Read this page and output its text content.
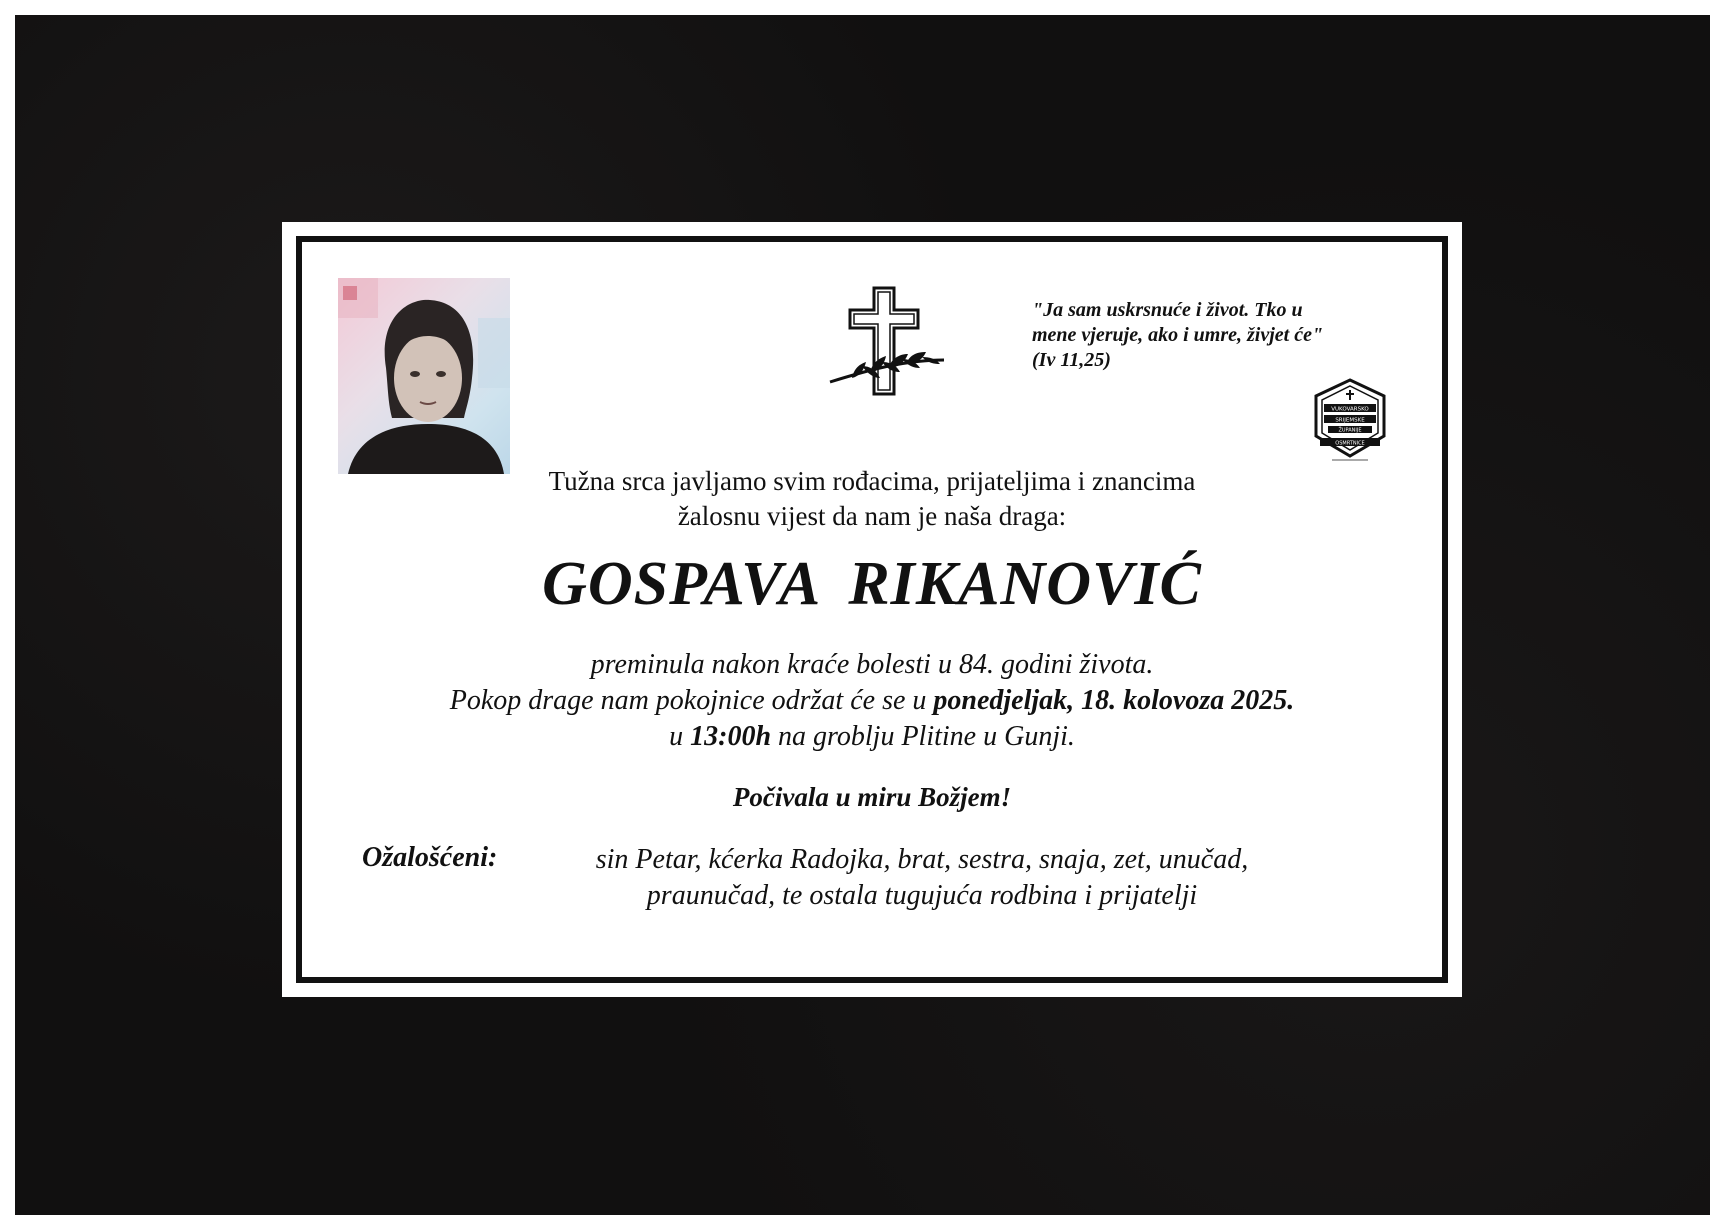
"Ja sam uskrsnuće i život. Tko u
mene vjeruje, ako i umre, živjet će"
(Iv 11,25)
VUKOVARSKO
SRIJEMSKE
ŽUPANIJE
OSMRTNICE
Tužna srca javljamo svim rođacima, prijateljima i znancima
žalosnu vijest da nam je naša draga:
GOSPAVA RIKANOVIĆ
preminula nakon kraće bolesti u 84. godini života.
Pokop drage nam pokojnice održat će se u ponedjeljak, 18. kolovoza 2025.
u 13:00h na groblju Plitine u Gunji.
Počivala u miru Božjem!
Ožalošćeni:	sin Petar, kćerka Radojka, brat, sestra, snaja, zet, unučad,
praunučad, te ostala tugujuća rodbina i prijatelji
